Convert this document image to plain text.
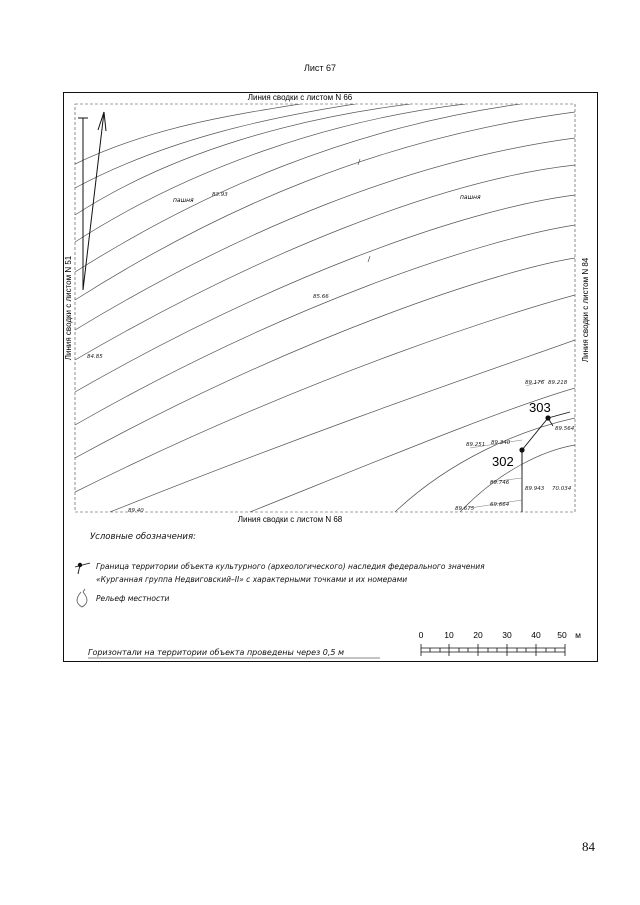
Лист 67
Линия сводки с листом N 66
Линия сводки с листом N 68
Линия сводки с листом N 51	Линия сводки с листом N 84
пашня	пашня
83.93
85.66
84.85
89.176 89.218
89.564
89.251 89.340
89.746
89.943 70.034
89.675
69.664
89.40
303
302
0 10 20 30 40 50 м
Условные обозначения:
Граница территории объекта культурного (археологического) наследия федерального значения
«Курганная группа Недвиговский–II» с характерными точками и их номерами
Рельеф местности
Горизонтали на территории объекта проведены через 0,5 м
84
